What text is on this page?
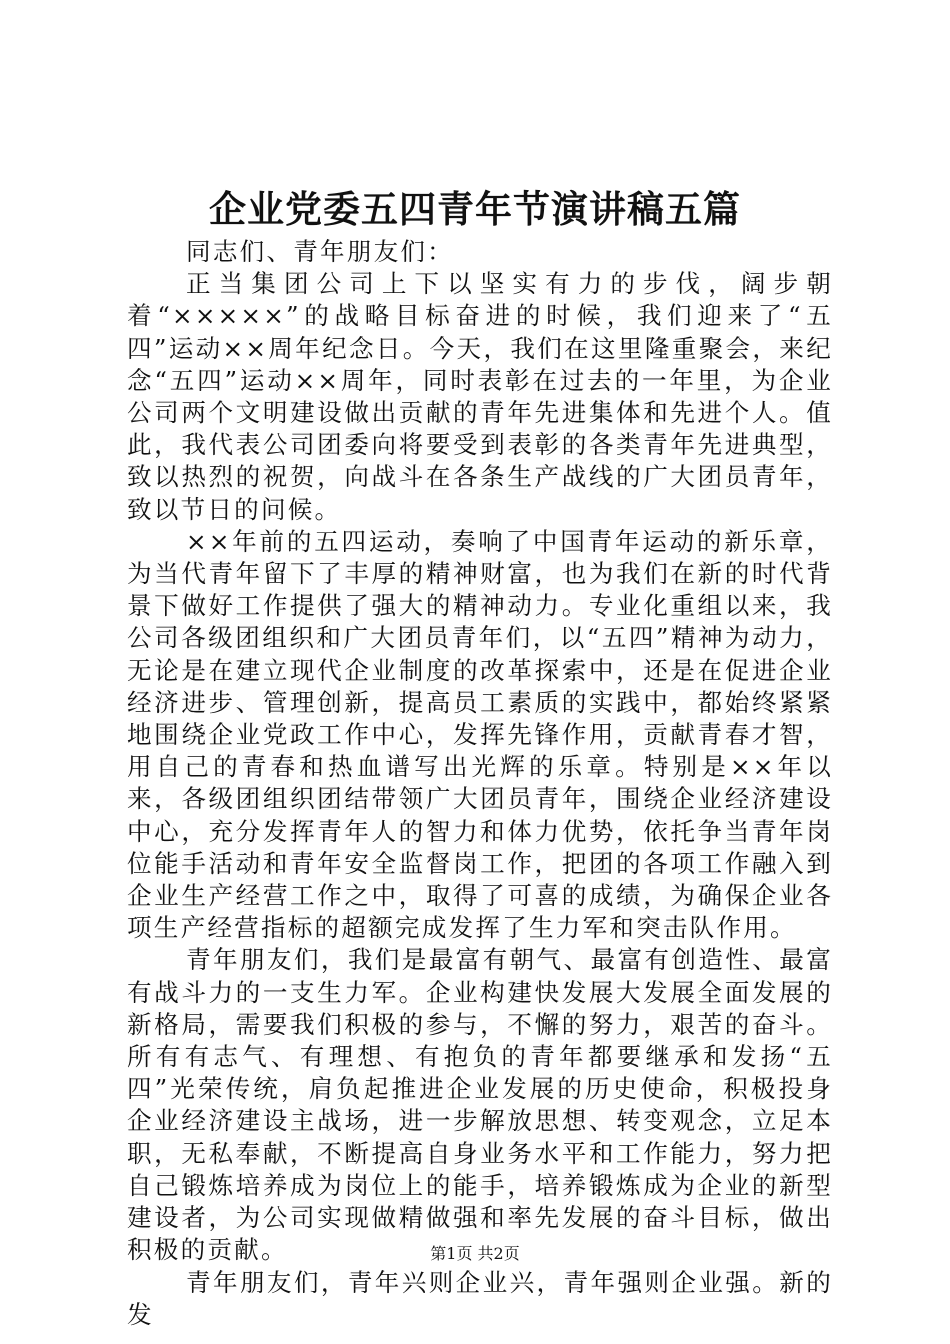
企业党委五四青年节演讲稿五篇

同志们、青年朋友们：

正当集团公司上下以坚实有力的步伐，阔步朝着“×××××”的战略目标奋进的时候，我们迎来了“五四”运动××周年纪念日。今天，我们在这里隆重聚会，来纪念“五四”运动××周年，同时表彰在过去的一年里，为企业公司两个文明建设做出贡献的青年先进集体和先进个人。值此，我代表公司团委向将要受到表彰的各类青年先进典型，致以热烈的祝贺，向战斗在各条生产战线的广大团员青年，致以节日的问候。

××年前的五四运动，奏响了中国青年运动的新乐章，为当代青年留下了丰厚的精神财富，也为我们在新的时代背景下做好工作提供了强大的精神动力。专业化重组以来，我公司各级团组织和广大团员青年们，以“五四”精神为动力，无论是在建立现代企业制度的改革探索中，还是在促进企业经济进步、管理创新，提高员工素质的实践中，都始终紧紧地围绕企业党政工作中心，发挥先锋作用，贡献青春才智，用自己的青春和热血谱写出光辉的乐章。特别是××年以来，各级团组织团结带领广大团员青年，围绕企业经济建设中心，充分发挥青年人的智力和体力优势，依托争当青年岗位能手活动和青年安全监督岗工作，把团的各项工作融入到企业生产经营工作之中，取得了可喜的成绩，为确保企业各项生产经营指标的超额完成发挥了生力军和突击队作用。

青年朋友们，我们是最富有朝气、最富有创造性、最富有战斗力的一支生力军。企业构建快发展大发展全面发展的新格局，需要我们积极的参与，不懈的努力，艰苦的奋斗。所有有志气、有理想、有抱负的青年都要继承和发扬“五四”光荣传统，肩负起推进企业发展的历史使命，积极投身企业经济建设主战场，进一步解放思想、转变观念，立足本职，无私奉献，不断提高自身业务水平和工作能力，努力把自己锻炼培养成为岗位上的能手，培养锻炼成为企业的新型建设者，为公司实现做精做强和率先发展的奋斗目标，做出积极的贡献。

青年朋友们，青年兴则企业兴，青年强则企业强。新的发

第1页 共2页
